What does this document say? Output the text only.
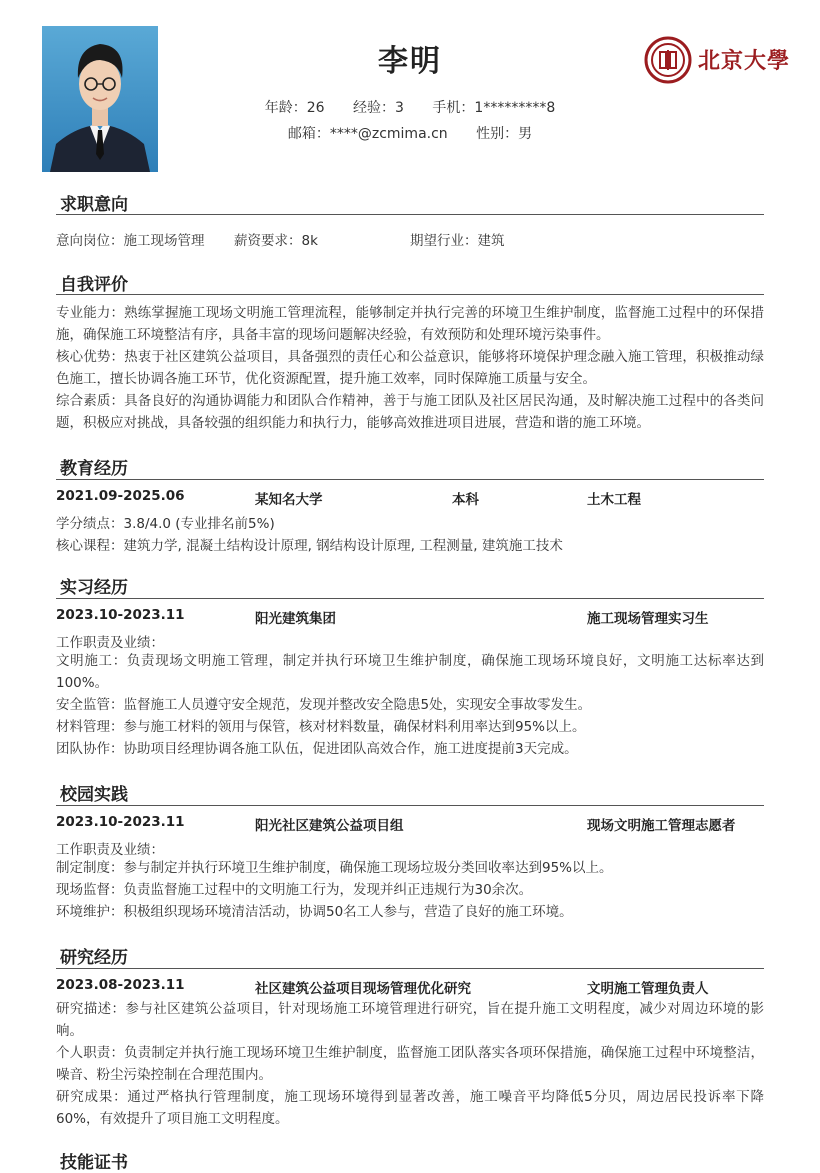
李明
年龄：26 经验：3 手机：1*********8
邮箱：****@zcmima.cn 性别：男
北京大學
求职意向
意向岗位：施工现场管理 薪资要求：8k	期望行业：建筑
自我评价
专业能力：熟练掌握施工现场文明施工管理流程，能够制定并执行完善的环境卫生维护制度，监督施工过程中的环保措施，确保施工环境整洁有序，具备丰富的现场问题解决经验，有效预防和处理环境污染事件。
核心优势：热衷于社区建筑公益项目，具备强烈的责任心和公益意识，能够将环境保护理念融入施工管理，积极推动绿色施工，擅长协调各施工环节，优化资源配置，提升施工效率，同时保障施工质量与安全。
综合素质：具备良好的沟通协调能力和团队合作精神，善于与施工团队及社区居民沟通，及时解决施工过程中的各类问题，积极应对挑战，具备较强的组织能力和执行力，能够高效推进项目进展，营造和谐的施工环境。
教育经历
2021.09-2025.06	某知名大学	本科	土木工程
学分绩点：3.8/4.0 (专业排名前5%)
核心课程：建筑力学, 混凝土结构设计原理, 钢结构设计原理, 工程测量, 建筑施工技术
实习经历
2023.10-2023.11	阳光建筑集团	施工现场管理实习生
工作职责及业绩：
文明施工：负责现场文明施工管理，制定并执行环境卫生维护制度，确保施工现场环境良好，文明施工达标率达到100%。
安全监管：监督施工人员遵守安全规范，发现并整改安全隐患5处，实现安全事故零发生。
材料管理：参与施工材料的领用与保管，核对材料数量，确保材料利用率达到95%以上。
团队协作：协助项目经理协调各施工队伍，促进团队高效合作，施工进度提前3天完成。
校园实践
2023.10-2023.11	阳光社区建筑公益项目组	现场文明施工管理志愿者
工作职责及业绩：
制定制度：参与制定并执行环境卫生维护制度，确保施工现场垃圾分类回收率达到95%以上。
现场监督：负责监督施工过程中的文明施工行为，发现并纠正违规行为30余次。
环境维护：积极组织现场环境清洁活动，协调50名工人参与，营造了良好的施工环境。
研究经历
2023.08-2023.11	社区建筑公益项目现场管理优化研究	文明施工管理负责人
研究描述：参与社区建筑公益项目，针对现场施工环境管理进行研究，旨在提升施工文明程度，减少对周边环境的影响。
个人职责：负责制定并执行施工现场环境卫生维护制度，监督施工团队落实各项环保措施，确保施工过程中环境整洁，噪音、粉尘污染控制在合理范围内。
研究成果：通过严格执行管理制度，施工现场环境得到显著改善，施工噪音平均降低5分贝，周边居民投诉率下降60%，有效提升了项目施工文明程度。
技能证书
